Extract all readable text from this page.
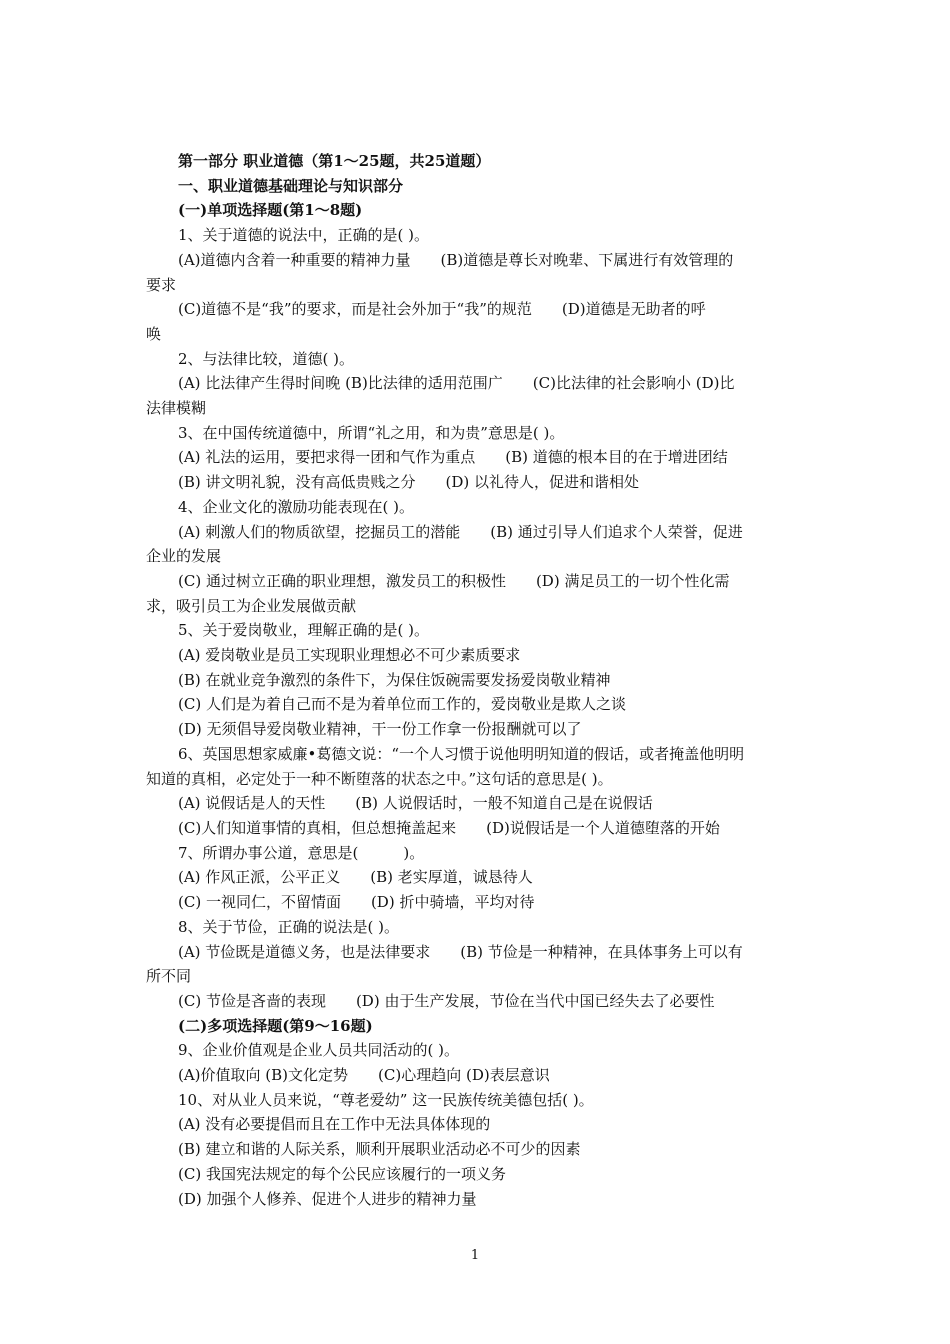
第一部分 职业道德（第1～25题，共25道题）
一、职业道德基础理论与知识部分
(一)单项选择题(第1～8题)
1、关于道德的说法中，正确的是( )。
(A)道德内含着一种重要的精神力量　　(B)道德是尊长对晚辈、下属进行有效管理的
要求
(C)道德不是“我”的要求，而是社会外加于“我”的规范　　(D)道德是无助者的呼
唤
2、与法律比较，道德( )。
(A) 比法律产生得时间晚 (B)比法律的适用范围广　　(C)比法律的社会影响小 (D)比
法律模糊
3、在中国传统道德中，所谓“礼之用，和为贵”意思是( )。
(A) 礼法的运用，要把求得一团和气作为重点　　(B) 道德的根本目的在于增进团结
(B) 讲文明礼貌，没有高低贵贱之分　　(D) 以礼待人，促进和谐相处
4、企业文化的激励功能表现在( )。
(A) 刺激人们的物质欲望，挖掘员工的潜能　　(B) 通过引导人们追求个人荣誉，促进
企业的发展
(C) 通过树立正确的职业理想，激发员工的积极性　　(D) 满足员工的一切个性化需
求，吸引员工为企业发展做贡献
5、关于爱岗敬业，理解正确的是( )。
(A) 爱岗敬业是员工实现职业理想必不可少素质要求
(B) 在就业竞争激烈的条件下，为保住饭碗需要发扬爱岗敬业精神
(C) 人们是为着自己而不是为着单位而工作的，爱岗敬业是欺人之谈
(D) 无须倡导爱岗敬业精神，干一份工作拿一份报酬就可以了
6、英国思想家威廉•葛德文说：“一个人习惯于说他明明知道的假话，或者掩盖他明明
知道的真相，必定处于一种不断堕落的状态之中。”这句话的意思是( )。
(A) 说假话是人的天性　　(B) 人说假话时，一般不知道自己是在说假话
(C)人们知道事情的真相，但总想掩盖起来　　(D)说假话是一个人道德堕落的开始
7、所谓办事公道，意思是(　　　)。
(A) 作风正派，公平正义　　(B) 老实厚道，诚恳待人
(C) 一视同仁，不留情面　　(D) 折中骑墙，平均对待
8、关于节俭，正确的说法是( )。
(A) 节俭既是道德义务，也是法律要求　　(B) 节俭是一种精神，在具体事务上可以有
所不同
(C) 节俭是吝啬的表现　　(D) 由于生产发展，节俭在当代中国已经失去了必要性
(二)多项选择题(第9～16题)
9、企业价值观是企业人员共同活动的( )。
(A)价值取向 (B)文化定势　　(C)心理趋向 (D)表层意识
10、对从业人员来说，“尊老爱幼” 这一民族传统美德包括( )。
(A) 没有必要提倡而且在工作中无法具体体现的
(B) 建立和谐的人际关系，顺利开展职业活动必不可少的因素
(C) 我国宪法规定的每个公民应该履行的一项义务
(D) 加强个人修养、促进个人进步的精神力量
1
